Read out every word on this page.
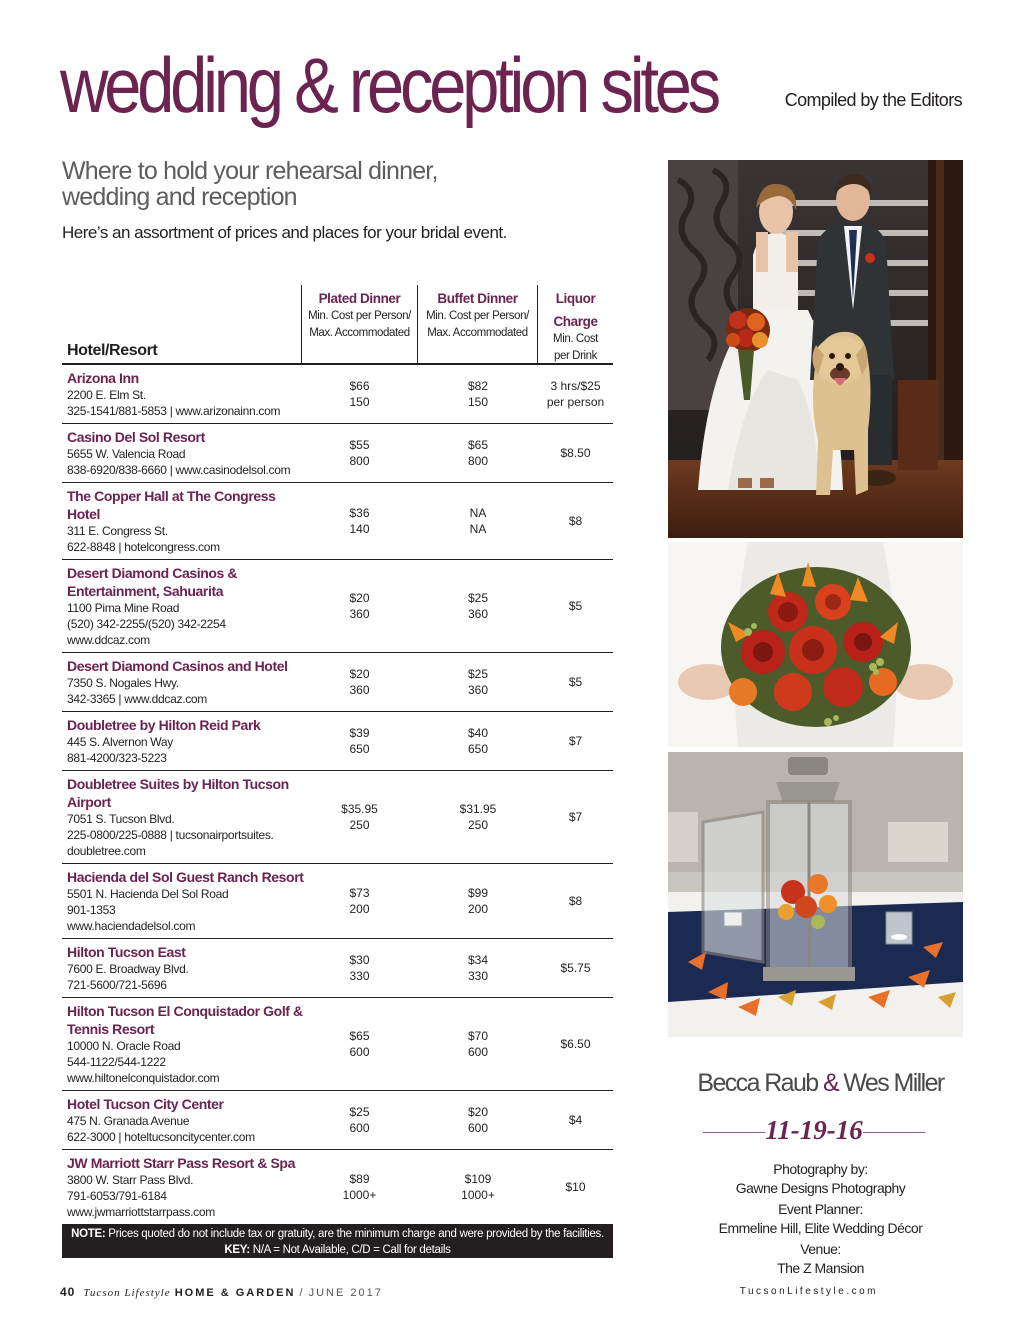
wedding & reception sites	Compiled by the Editors
Where to hold your rehearsal dinner, wedding and reception
Here’s an assortment of prices and places for your bridal event.
Hotel/Resort
Plated Dinner
Min. Cost per Person/
Max. Accommodated
Buffet Dinner
Min. Cost per Person/
Max. Accommodated
Liquor
Charge
Min. Cost
per Drink
Arizona Inn
2200 E. Elm St.
325-1541/881-5853 | www.arizonainn.com
$66
150
$82
150
3 hrs/$25
per person
Casino Del Sol Resort
5655 W. Valencia Road
838-6920/838-6660 | www.casinodelsol.com
$55
800
$65
800
$8.50
The Copper Hall at The Congress Hotel
311 E. Congress St.
622-8848 | hotelcongress.com
$36
140
NA
NA
$8
Desert Diamond Casinos & Entertainment, Sahuarita
1100 Pima Mine Road
(520) 342-2255/(520) 342-2254
www.ddcaz.com
$20
360
$25
360
$5
Desert Diamond Casinos and Hotel
7350 S. Nogales Hwy.
342-3365 | www.ddcaz.com
$20
360
$25
360
$5
Doubletree by Hilton Reid Park
445 S. Alvernon Way
881-4200/323-5223
$39
650
$40
650
$7
Doubletree Suites by Hilton Tucson Airport
7051 S. Tucson Blvd.
225-0800/225-0888 | tucsonairportsuites.
doubletree.com
$35.95
250
$31.95
250
$7
Hacienda del Sol Guest Ranch Resort
5501 N. Hacienda Del Sol Road
901-1353
www.haciendadelsol.com
$73
200
$99
200
$8
Hilton Tucson East
7600 E. Broadway Blvd.
721-5600/721-5696
$30
330
$34
330
$5.75
Hilton Tucson El Conquistador Golf & Tennis Resort
10000 N. Oracle Road
544-1122/544-1222
www.hiltonelconquistador.com
$65
600
$70
600
$6.50
Hotel Tucson City Center
475 N. Granada Avenue
622-3000 | hoteltucsoncitycenter.com
$25
600
$20
600
$4
JW Marriott Starr Pass Resort & Spa
3800 W. Starr Pass Blvd.
791-6053/791-6184
www.jwmarriottstarrpass.com
$89
1000+
$109
1000+
$10
NOTE: Prices quoted do not include tax or gratuity, are the minimum charge and were provided by the facilities.
KEY: N/A = Not Available, C/D = Call for details
40 Tucson Lifestyle HOME & GARDEN / JUNE 2017	TucsonLifestyle.com
Becca Raub & Wes Miller
11-19-16
Photography by:
Gawne Designs Photography
Event Planner:
Emmeline Hill, Elite Wedding Décor
Venue:
The Z Mansion
